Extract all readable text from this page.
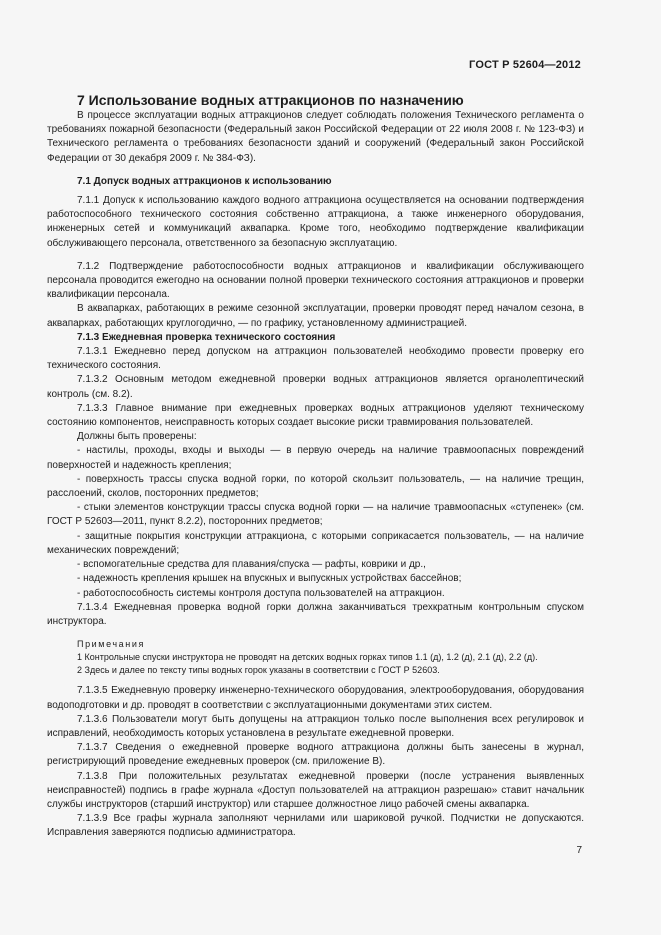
ГОСТ Р 52604—2012

7 Использование водных аттракционов по назначению

В процессе эксплуатации водных аттракционов следует соблюдать положения Технического регламента о требованиях пожарной безопасности (Федеральный закон Российской Федерации от 22 июля 2008 г. № 123-ФЗ) и Технического регламента о требованиях безопасности зданий и сооружений (Федеральный закон Российской Федерации от 30 декабря 2009 г. № 384-ФЗ).

7.1 Допуск водных аттракционов к использованию

7.1.1 Допуск к использованию каждого водного аттракциона осуществляется на основании подтверждения работоспособного технического состояния собственно аттракциона, а также инженерного оборудования, инженерных сетей и коммуникаций аквапарка. Кроме того, необходимо подтверждение квалификации обслуживающего персонала, ответственного за безопасную эксплуатацию.

7.1.2 Подтверждение работоспособности водных аттракционов и квалификации обслуживающего персонала проводится ежегодно на основании полной проверки технического состояния аттракционов и проверки квалификации персонала.

В аквапарках, работающих в режиме сезонной эксплуатации, проверки проводят перед началом сезона, в аквапарках, работающих круглогодично, — по графику, установленному администрацией.

7.1.3 Ежедневная проверка технического состояния

7.1.3.1 Ежедневно перед допуском на аттракцион пользователей необходимо провести проверку его технического состояния.

7.1.3.2 Основным методом ежедневной проверки водных аттракционов является органолептический контроль (см. 8.2).

7.1.3.3 Главное внимание при ежедневных проверках водных аттракционов уделяют техническому состоянию компонентов, неисправность которых создает высокие риски травмирования пользователей.

Должны быть проверены:

- настилы, проходы, входы и выходы — в первую очередь на наличие травмоопасных повреждений поверхностей и надежность крепления;

- поверхность трассы спуска водной горки, по которой скользит пользователь, — на наличие трещин, расслоений, сколов, посторонних предметов;

- стыки элементов конструкции трассы спуска водной горки — на наличие травмоопасных «ступенек» (см. ГОСТ Р 52603—2011, пункт 8.2.2), посторонних предметов;

- защитные покрытия конструкции аттракциона, с которыми соприкасается пользователь, — на наличие механических повреждений;

- вспомогательные средства для плавания/спуска — рафты, коврики и др.,

- надежность крепления крышек на впускных и выпускных устройствах бассейнов;

- работоспособность системы контроля доступа пользователей на аттракцион.

7.1.3.4 Ежедневная проверка водной горки должна заканчиваться трехкратным контрольным спуском инструктора.

Примечания

1 Контрольные спуски инструктора не проводят на детских водных горках типов 1.1 (д), 1.2 (д), 2.1 (д), 2.2 (д).

2 Здесь и далее по тексту типы водных горок указаны в соответствии с ГОСТ Р 52603.

7.1.3.5 Ежедневную проверку инженерно-технического оборудования, электрооборудования, оборудования водоподготовки и др. проводят в соответствии с эксплуатационными документами этих систем.

7.1.3.6 Пользователи могут быть допущены на аттракцион только после выполнения всех регулировок и исправлений, необходимость которых установлена в результате ежедневной проверки.

7.1.3.7 Сведения о ежедневной проверке водного аттракциона должны быть занесены в журнал, регистрирующий проведение ежедневных проверок (см. приложение В).

7.1.3.8 При положительных результатах ежедневной проверки (после устранения выявленных неисправностей) подпись в графе журнала «Доступ пользователей на аттракцион разрешаю» ставит начальник службы инструкторов (старший инструктор) или старшее должностное лицо рабочей смены аквапарка.

7.1.3.9 Все графы журнала заполняют чернилами или шариковой ручкой. Подчистки не допускаются. Исправления заверяются подписью администратора.

7
